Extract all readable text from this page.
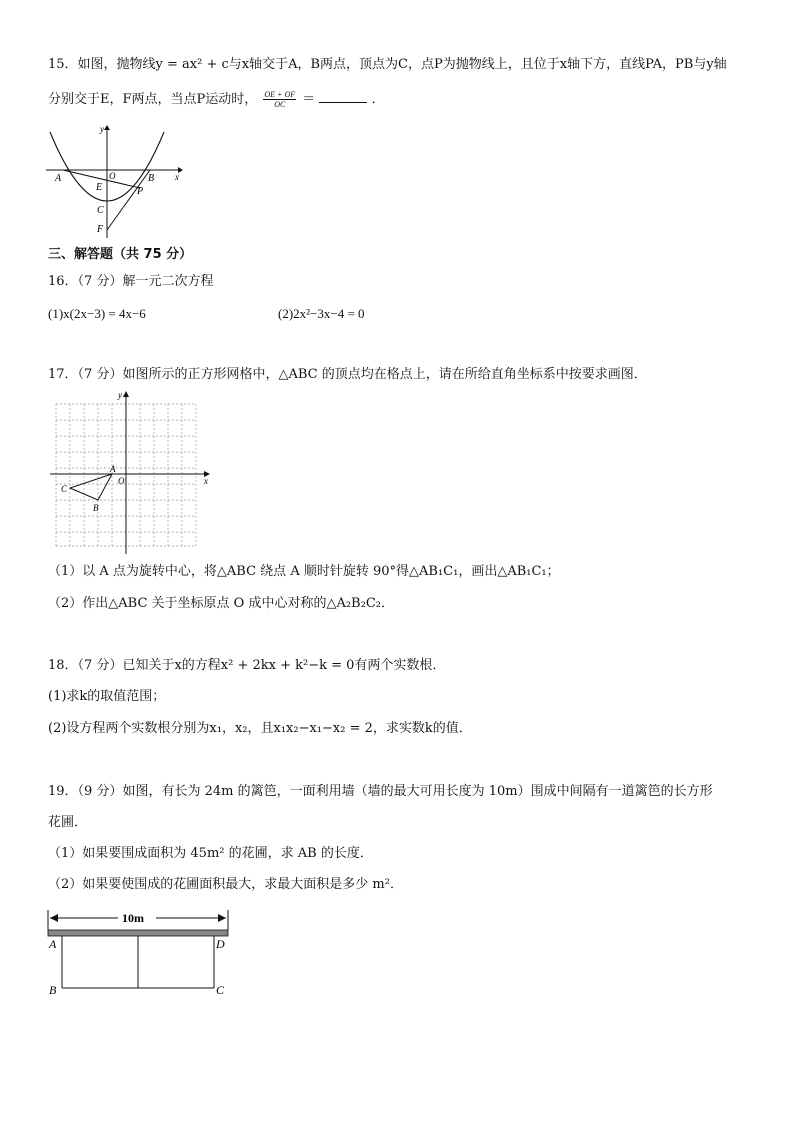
15．如图，抛物线y = ax² + c与x轴交于A，B两点，顶点为C，点P为抛物线上，且位于x轴下方，直线PA，PB与y轴
分别交于E，F两点，当点P运动时， $\frac{OE + OF}{OC}$ ＝	．
y
x
A	O	B
E	P
C
F
三、解答题（共 75 分）
16．（7 分）解一元二次方程
(1)x(2x−3) = 4x−6	(2)2x²−3x−4 = 0
17．（7 分）如图所示的正方形网格中，△ABC 的顶点均在格点上，请在所给直角坐标系中按要求画图．
y
x
A
O
C
B
（1）以 A 点为旋转中心，将△ABC 绕点 A 顺时针旋转 90°得△AB₁C₁，画出△AB₁C₁；
（2）作出△ABC 关于坐标原点 O 成中心对称的△A₂B₂C₂．
18．（7 分）已知关于x的方程x² + 2kx + k²−k = 0有两个实数根．
(1)求k的取值范围；
(2)设方程两个实数根分别为x₁，x₂，且x₁x₂−x₁−x₂ = 2，求实数k的值．
19．（9 分）如图，有长为 24m 的篱笆，一面利用墙（墙的最大可用长度为 10m）围成中间隔有一道篱笆的长方形
花圃．
（1）如果要围成面积为 45m² 的花圃，求 AB 的长度．
（2）如果要使围成的花圃面积最大，求最大面积是多少 m²．
10m
A	D
B	C
